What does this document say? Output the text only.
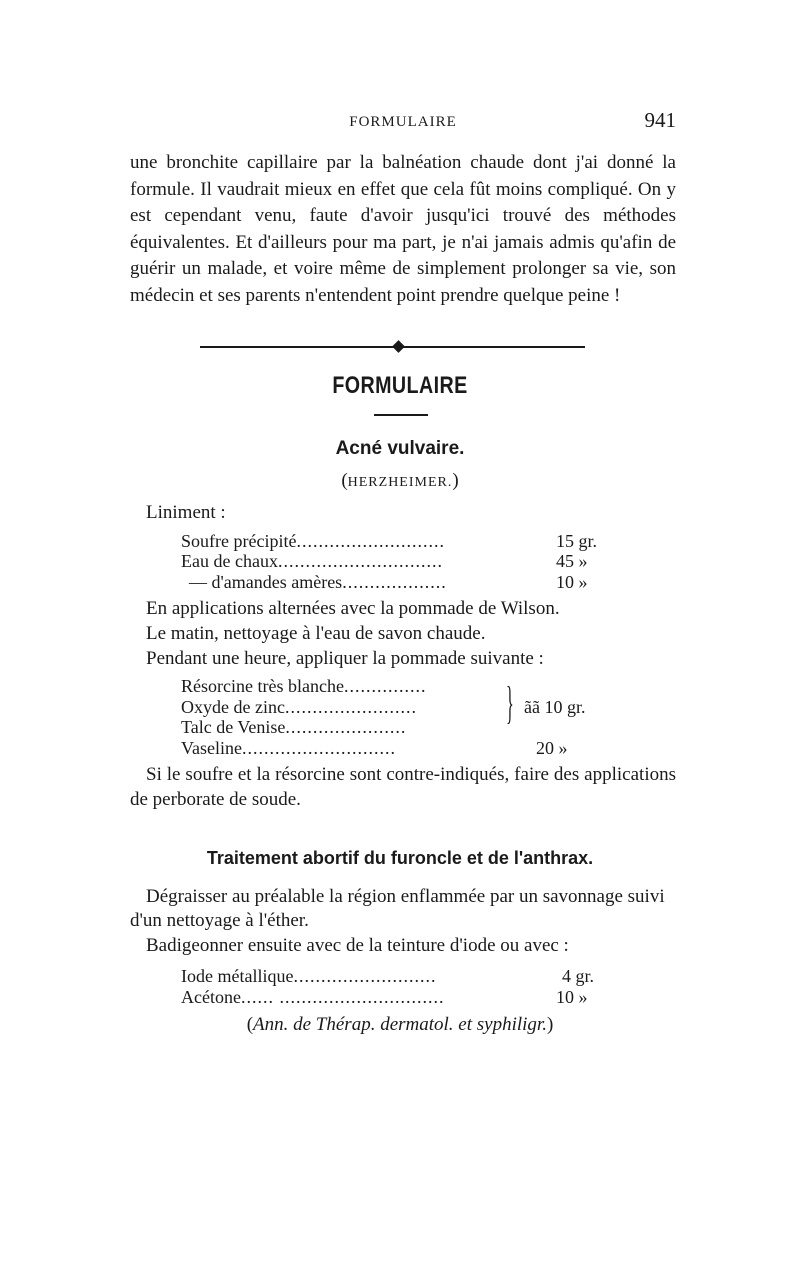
FORMULAIRE	941

une bronchite capillaire par la balnéation chaude dont j'ai donné la formule. Il vaudrait mieux en effet que cela fût moins compliqué. On y est cependant venu, faute d'avoir jusqu'ici trouvé des méthodes équivalentes. Et d'ailleurs pour ma part, je n'ai jamais admis qu'afin de guérir un malade, et voire même de simplement prolonger sa vie, son médecin et ses parents n'entendent point prendre quelque peine !

FORMULAIRE
Acné vulvaire.
(HERZHEIMER.)
Liniment :
Soufre précipité...........................	15 gr.
Eau de chaux..............................	45 »
— d'amandes amères...................	10 »
En applications alternées avec la pommade de Wilson.
Le matin, nettoyage à l'eau de savon chaude.
Pendant une heure, appliquer la pommade suivante :
Résorcine très blanche...............
Oxyde de zinc........................
Talc de Venise...................... } ãã 10 gr.
Vaseline............................	20 »
Si le soufre et la résorcine sont contre-indiqués, faire des applications de perborate de soude.
Traitement abortif du furoncle et de l'anthrax.

Dégraisser au préalable la région enflammée par un savonnage suivi d'un nettoyage à l'éther.

Badigeonner ensuite avec de la teinture d'iode ou avec :

Iode métallique..........................	4 gr.
Acétone...... ..............................	10 »
(Ann. de Thérap. dermatol. et syphiligr.)
